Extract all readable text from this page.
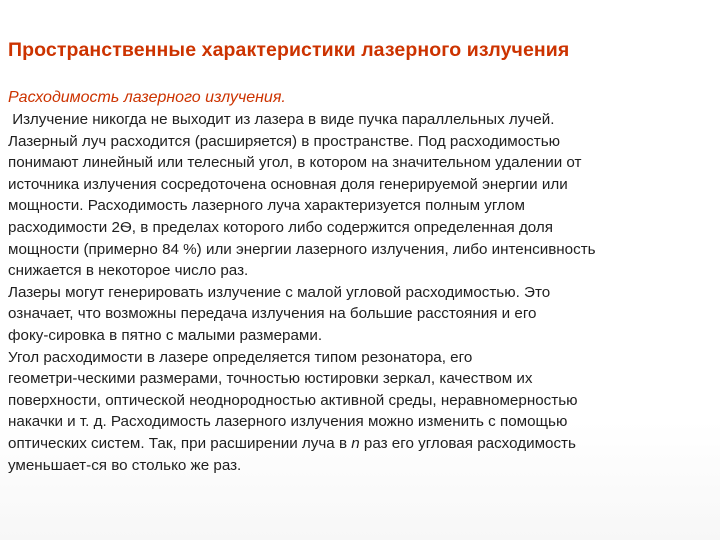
Пространственные характеристики лазерного излучения
Расходимость лазерного излучения.
Излучение никогда не выходит из лазера в виде пучка параллельных лучей.
Лазерный луч расходится (расширяется) в пространстве. Под расходимостью
понимают линейный или телесный угол, в котором на значительном удалении от
источника излучения сосредоточена основная доля генерируемой энергии или
мощности. Расходимость лазерного луча характеризуется полным углом
расходимости 2Ѳ, в пределах которого либо содержится определенная доля
мощности (примерно 84 %) или энергии лазерного излучения, либо интенсивность
снижается в некоторое число раз.
Лазеры могут генерировать излучение с малой угловой расходимостью. Это
означает, что возможны передача излучения на большие расстояния и его
фоку-сировка в пятно с малыми размерами.
Угол расходимости в лазере определяется типом резонатора, его
геометри-ческими размерами, точностью юстировки зеркал, качеством их
поверхности, оптической неоднородностью активной среды, неравномерностью
накачки и т. д. Расходимость лазерного излучения можно изменить с помощью
оптических систем. Так, при расширении луча в n раз его угловая расходимость
уменьшает-ся во столько же раз.
